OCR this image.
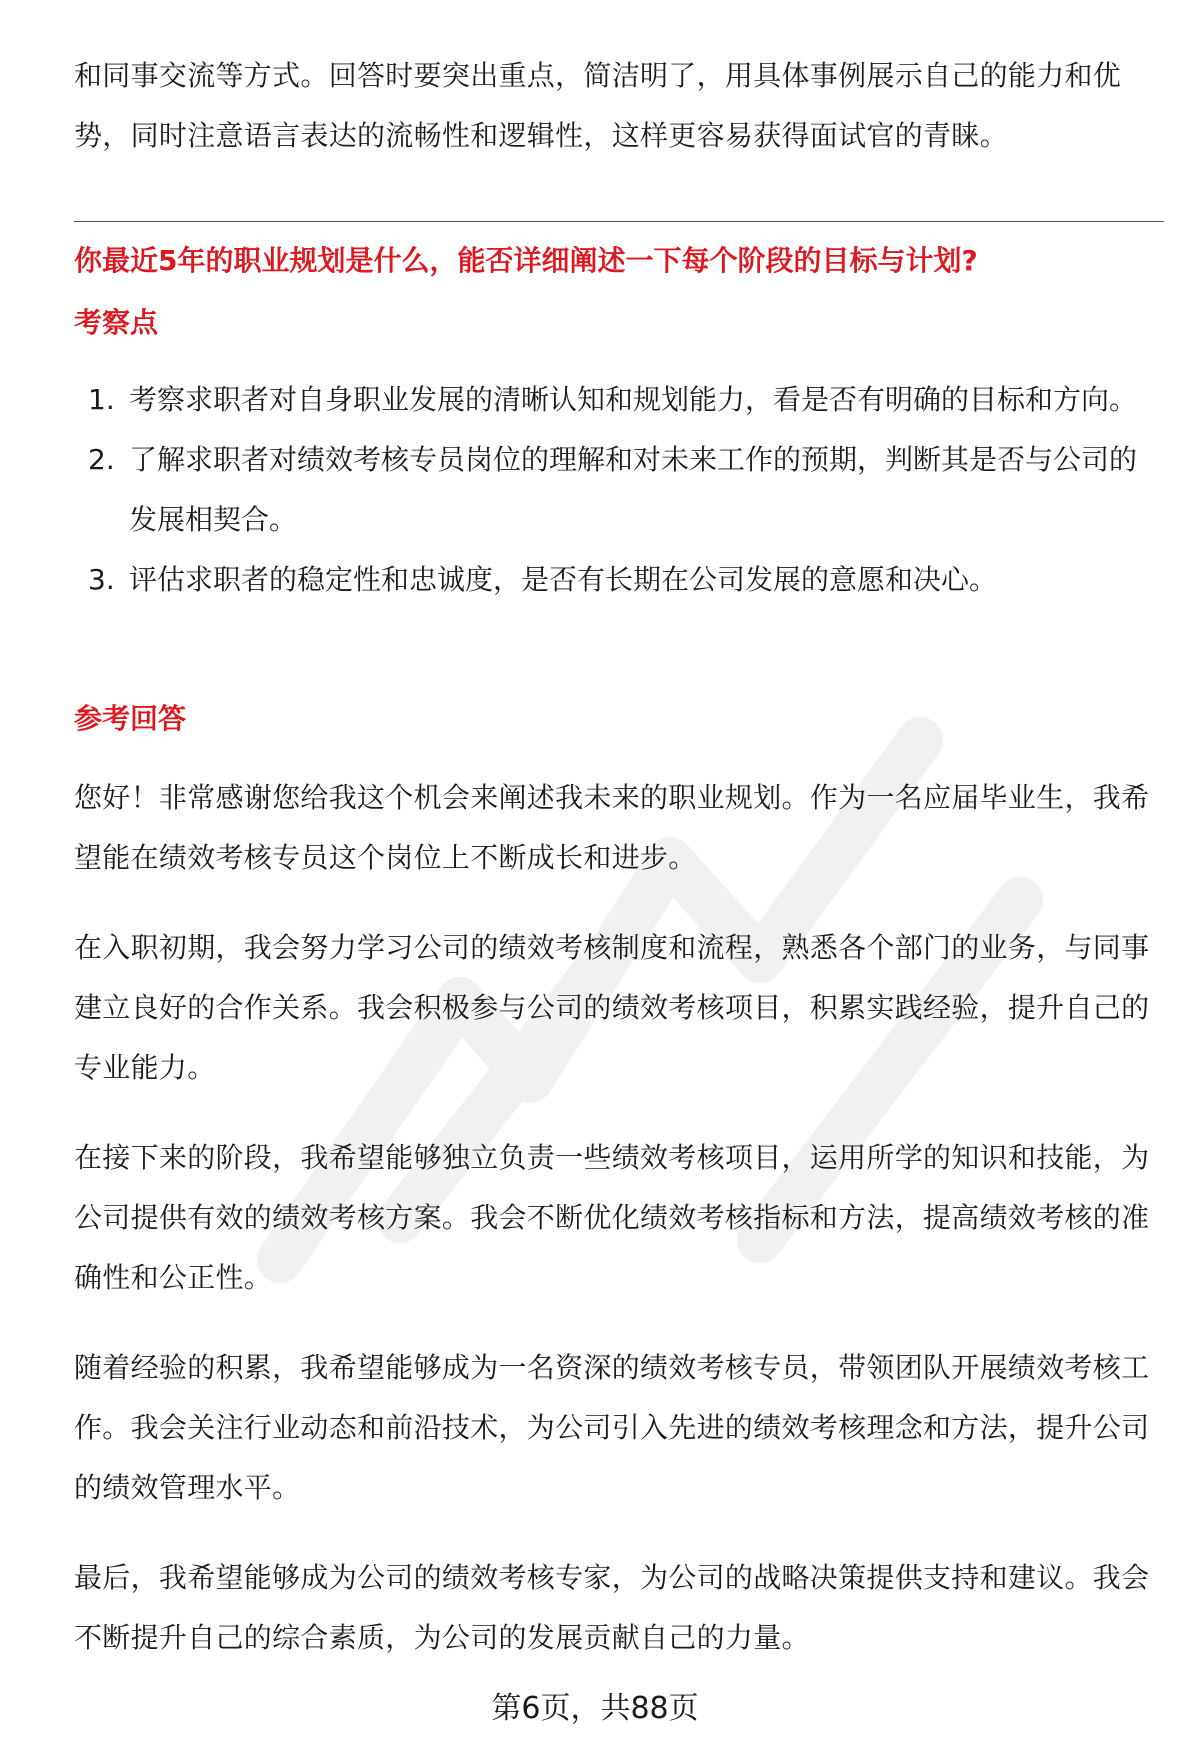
和同事交流等方式。回答时要突出重点，简洁明了，用具体事例展示自己的能力和优势，同时注意语言表达的流畅性和逻辑性，这样更容易获得面试官的青睐。

你最近5年的职业规划是什么，能否详细阐述一下每个阶段的目标与计划?

考察点

1. 考察求职者对自身职业发展的清晰认知和规划能力，看是否有明确的目标和方向。
2. 了解求职者对绩效考核专员岗位的理解和对未来工作的预期，判断其是否与公司的发展相契合。
3. 评估求职者的稳定性和忠诚度，是否有长期在公司发展的意愿和决心。

参考回答

您好！非常感谢您给我这个机会来阐述我未来的职业规划。作为一名应届毕业生，我希望能在绩效考核专员这个岗位上不断成长和进步。

在入职初期，我会努力学习公司的绩效考核制度和流程，熟悉各个部门的业务，与同事建立良好的合作关系。我会积极参与公司的绩效考核项目，积累实践经验，提升自己的专业能力。

在接下来的阶段，我希望能够独立负责一些绩效考核项目，运用所学的知识和技能，为公司提供有效的绩效考核方案。我会不断优化绩效考核指标和方法，提高绩效考核的准确性和公正性。

随着经验的积累，我希望能够成为一名资深的绩效考核专员，带领团队开展绩效考核工作。我会关注行业动态和前沿技术，为公司引入先进的绩效考核理念和方法，提升公司的绩效管理水平。

最后，我希望能够成为公司的绩效考核专家，为公司的战略决策提供支持和建议。我会不断提升自己的综合素质，为公司的发展贡献自己的力量。

第6页，共88页
